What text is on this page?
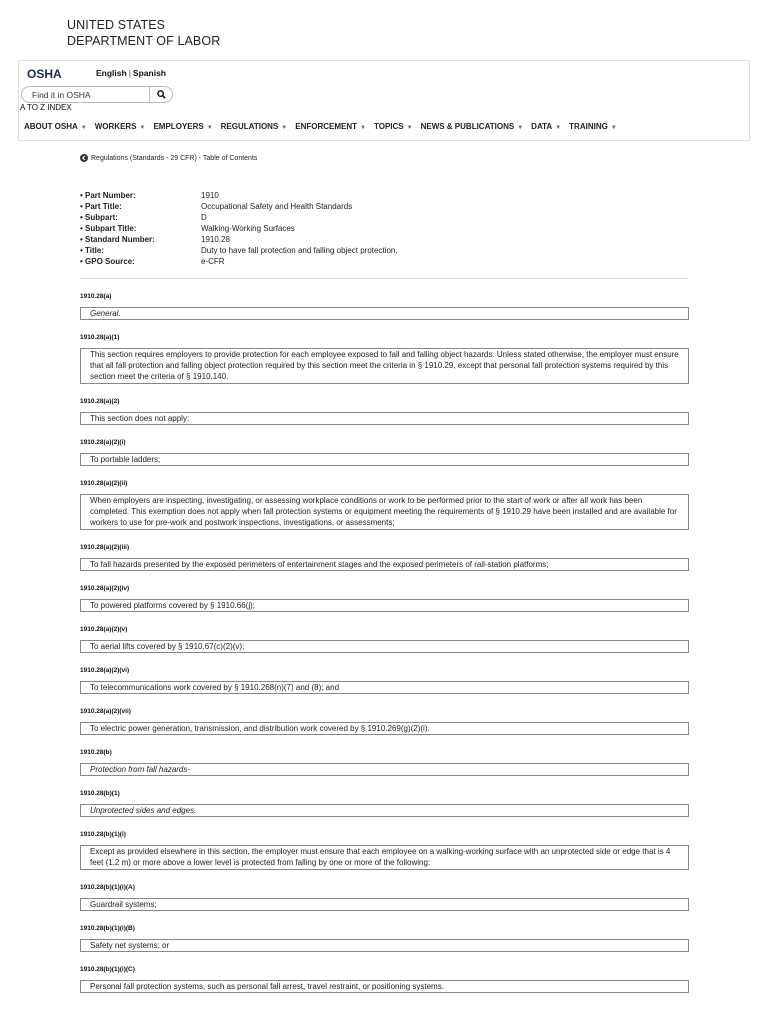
UNITED STATES
DEPARTMENT OF LABOR
OSHA	English | Spanish
Find it in OSHA
A TO Z INDEX
ABOUT OSHA ▼ WORKERS ▼ EMPLOYERS ▼ REGULATIONS ▼ ENFORCEMENT ▼ TOPICS ▼ NEWS & PUBLICATIONS ▼ DATA ▼ TRAINING ▼
Regulations (Standards - 29 CFR) - Table of Contents
• Part Number:	1910
• Part Title:	Occupational Safety and Health Standards
• Subpart:	D
• Subpart Title:	Walking-Working Surfaces
• Standard Number:	1910.28
• Title:	Duty to have fall protection and falling object protection.
• GPO Source:	e-CFR
1910.28(a)
General.
1910.28(a)(1)
This section requires employers to provide protection for each employee exposed to fall and falling object hazards. Unless stated otherwise, the employer must ensure that all fall protection and falling object protection required by this section meet the criteria in § 1910.29, except that personal fall protection systems required by this section meet the criteria of § 1910.140.
1910.28(a)(2)
This section does not apply:
1910.28(a)(2)(i)
To portable ladders;
1910.28(a)(2)(ii)
When employers are inspecting, investigating, or assessing workplace conditions or work to be performed prior to the start of work or after all work has been completed. This exemption does not apply when fall protection systems or equipment meeting the requirements of § 1910.29 have been installed and are available for workers to use for pre-work and postwork inspections, investigations, or assessments;
1910.28(a)(2)(iii)
To fall hazards presented by the exposed perimeters of entertainment stages and the exposed perimeters of rail-station platforms;
1910.28(a)(2)(iv)
To powered platforms covered by § 1910.66(j);
1910.28(a)(2)(v)
To aerial lifts covered by § 1910.67(c)(2)(v);
1910.28(a)(2)(vi)
To telecommunications work covered by § 1910.268(n)(7) and (8); and
1910.28(a)(2)(vii)
To electric power generation, transmission, and distribution work covered by § 1910.269(g)(2)(i).
1910.28(b)
Protection from fall hazards-
1910.28(b)(1)
Unprotected sides and edges.
1910.28(b)(1)(i)
Except as provided elsewhere in this section, the employer must ensure that each employee on a walking-working surface with an unprotected side or edge that is 4 feet (1.2 m) or more above a lower level is protected from falling by one or more of the following:
1910.28(b)(1)(i)(A)
Guardrail systems;
1910.28(b)(1)(i)(B)
Safety net systems; or
1910.28(b)(1)(i)(C)
Personal fall protection systems, such as personal fall arrest, travel restraint, or positioning systems.
